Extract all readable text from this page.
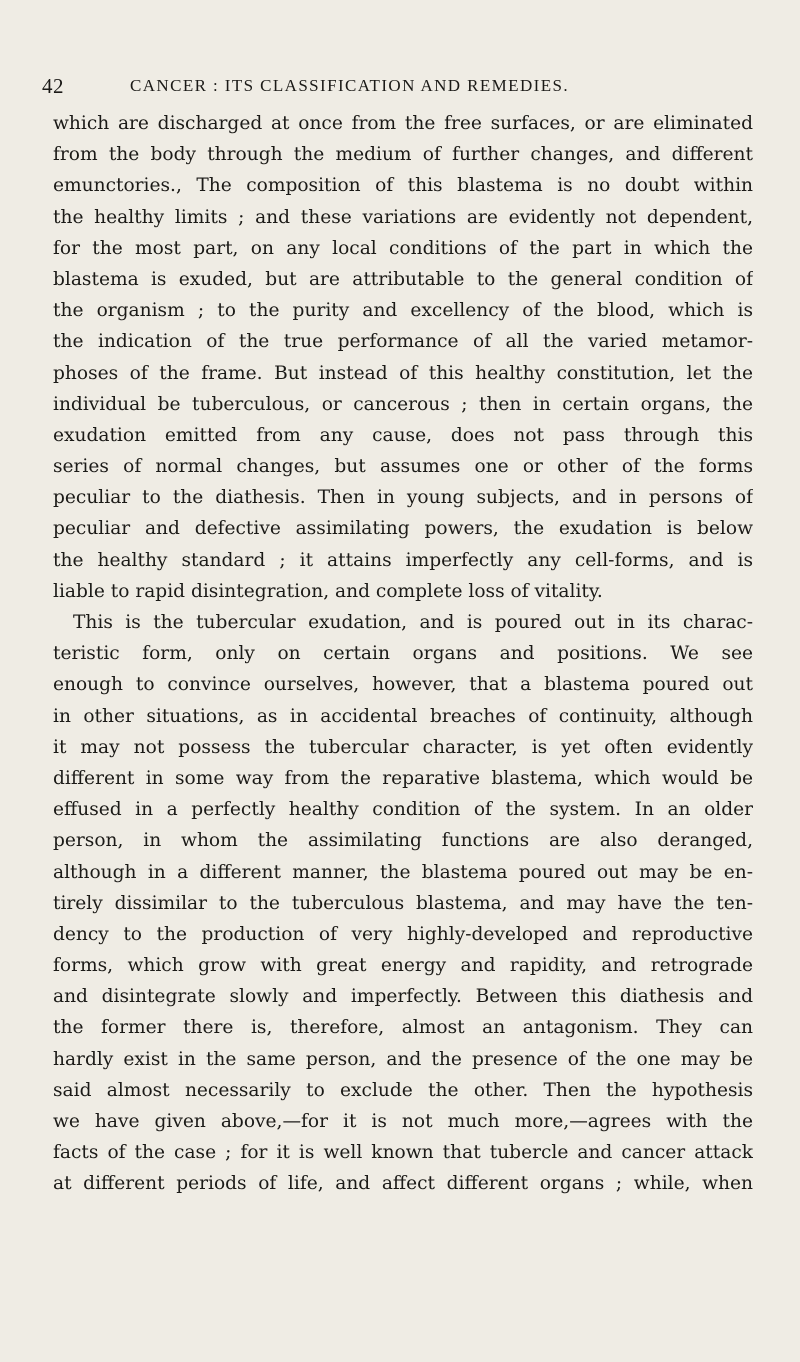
42	CANCER : ITS CLASSIFICATION AND REMEDIES.
which are discharged at once from the free surfaces, or are eliminated
from the body through the medium of further changes, and different
emunctories., The composition of this blastema is no doubt within
the healthy limits ; and these variations are evidently not dependent,
for the most part, on any local conditions of the part in which the
blastema is exuded, but are attributable to the general condition of
the organism ; to the purity and excellency of the blood, which is
the indication of the true performance of all the varied metamor-
phoses of the frame. But instead of this healthy constitution, let the
individual be tuberculous, or cancerous ; then in certain organs, the
exudation emitted from any cause, does not pass through this
series of normal changes, but assumes one or other of the forms
peculiar to the diathesis. Then in young subjects, and in persons of
peculiar and defective assimilating powers, the exudation is below
the healthy standard ; it attains imperfectly any cell-forms, and is
liable to rapid disintegration, and complete loss of vitality.
This is the tubercular exudation, and is poured out in its charac-
teristic form, only on certain organs and positions. We see
enough to convince ourselves, however, that a blastema poured out
in other situations, as in accidental breaches of continuity, although
it may not possess the tubercular character, is yet often evidently
different in some way from the reparative blastema, which would be
effused in a perfectly healthy condition of the system. In an older
person, in whom the assimilating functions are also deranged,
although in a different manner, the blastema poured out may be en-
tirely dissimilar to the tuberculous blastema, and may have the ten-
dency to the production of very highly-developed and reproductive
forms, which grow with great energy and rapidity, and retrograde
and disintegrate slowly and imperfectly. Between this diathesis and
the former there is, therefore, almost an antagonism. They can
hardly exist in the same person, and the presence of the one may be
said almost necessarily to exclude the other. Then the hypothesis
we have given above,—for it is not much more,—agrees with the
facts of the case ; for it is well known that tubercle and cancer attack
at different periods of life, and affect different organs ; while, when
